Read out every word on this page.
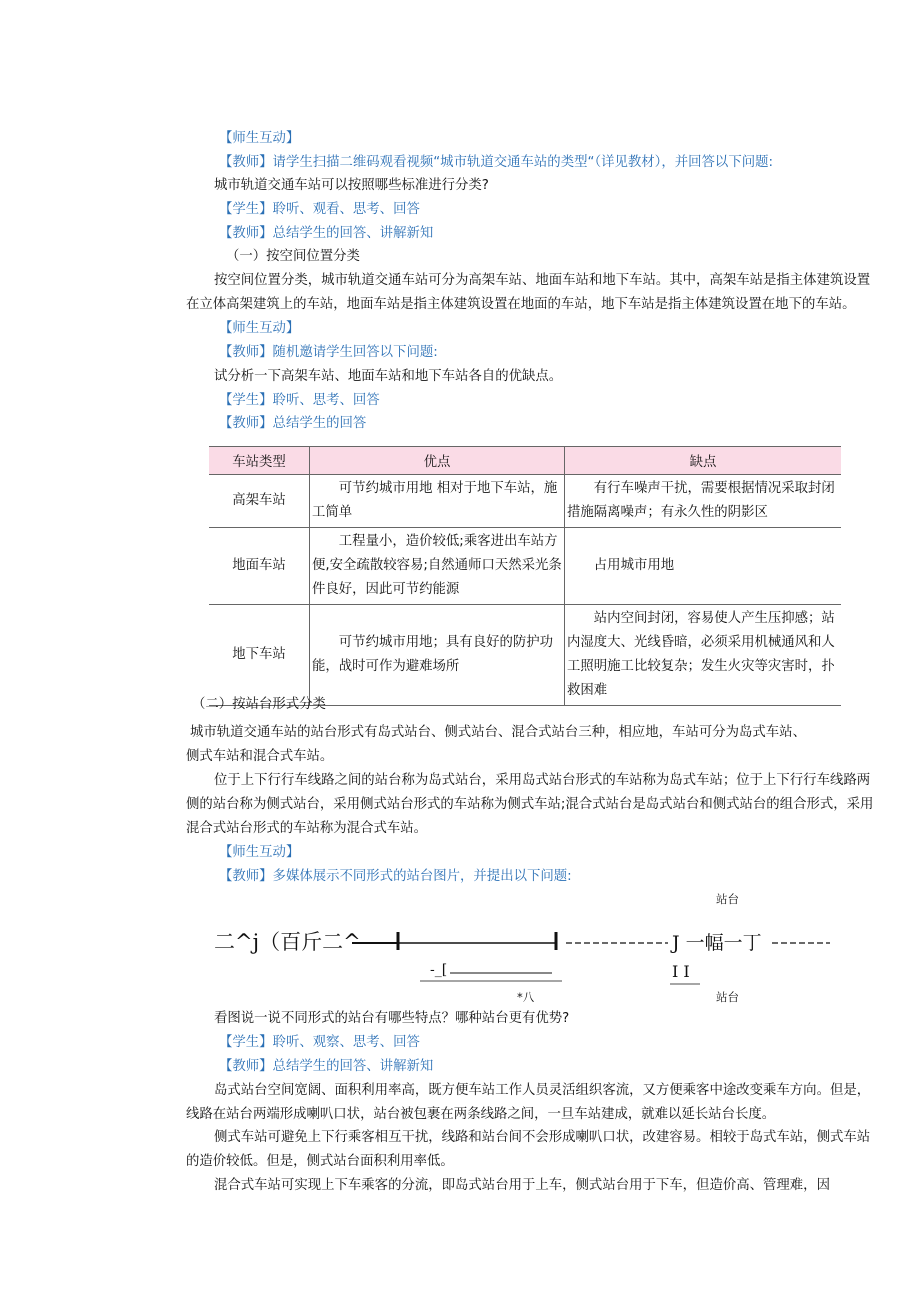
【师生互动】
【教师】请学生扫描二维码观看视频“城市轨道交通车站的类型“（详见教材），并回答以下问题:
城市轨道交通车站可以按照哪些标准进行分类?
【学生】聆听、观看、思考、回答
【教师】总结学生的回答、讲解新知
（一）按空间位置分类
按空间位置分类，城市轨道交通车站可分为高架车站、地面车站和地下车站。其中，高架车站是指主体建筑设置
在立体高架建筑上的车站，地面车站是指主体建筑设置在地面的车站，地下车站是指主体建筑设置在地下的车站。
【师生互动】
【教师】随机邀请学生回答以下问题:
试分析一下高架车站、地面车站和地下车站各自的优缺点。
【学生】聆听、思考、回答
【教师】总结学生的回答
车站类型	优点	缺点
高架车站	可节约城市用地 相对于地下车站，施工简单	有行车噪声干扰，需要根据情况采取封闭措施隔离噪声；有永久性的阴影区
地面车站	工程量小，造价较低;乘客进出车站方便,安全疏散较容易;自然通师口天然采光条件良好，因此可节约能源	占用城市用地
地下车站	可节约城市用地；具有良好的防护功能，战时可作为避难场所	站内空间封闭，容易使人产生压抑感；站内湿度大、光线昏暗，必须采用机械通风和人工照明施工比较复杂；发生火灾等灾害时，扑救困难
（二）按站台形式分类
城市轨道交通车站的站台形式有岛式站台、侧式站台、混合式站台三种，相应地，车站可分为岛式车站、
侧式车站和混合式车站。
位于上下行行车线路之间的站台称为岛式站台，采用岛式站台形式的车站称为岛式车站；位于上下行行车线路两
侧的站台称为侧式站台，采用侧式站台形式的车站称为侧式车站;混合式站台是岛式站台和侧式站台的组合形式，采用
混合式站台形式的车站称为混合式车站。
【师生互动】
【教师】多媒体展示不同形式的站台图片，并提出以下问题:
站台
二^j（百斤二^	J 一幅一丁
-_[	I I
*八	站台
看图说一说不同形式的站台有哪些特点？哪种站台更有优势?
【学生】聆听、观察、思考、回答
【教师】总结学生的回答、讲解新知
岛式站台空间宽阔、面积利用率高，既方便车站工作人员灵活组织客流，又方便乘客中途改变乘车方向。但是，
线路在站台两端形成喇叭口状，站台被包裹在两条线路之间，一旦车站建成，就难以延长站台长度。
侧式车站可避免上下行乘客相互干扰，线路和站台间不会形成喇叭口状，改建容易。相较于岛式车站，侧式车站
的造价较低。但是，侧式站台面积利用率低。
混合式车站可实现上下车乘客的分流，即岛式站台用于上车，侧式站台用于下车，但造价高、管理难，因
